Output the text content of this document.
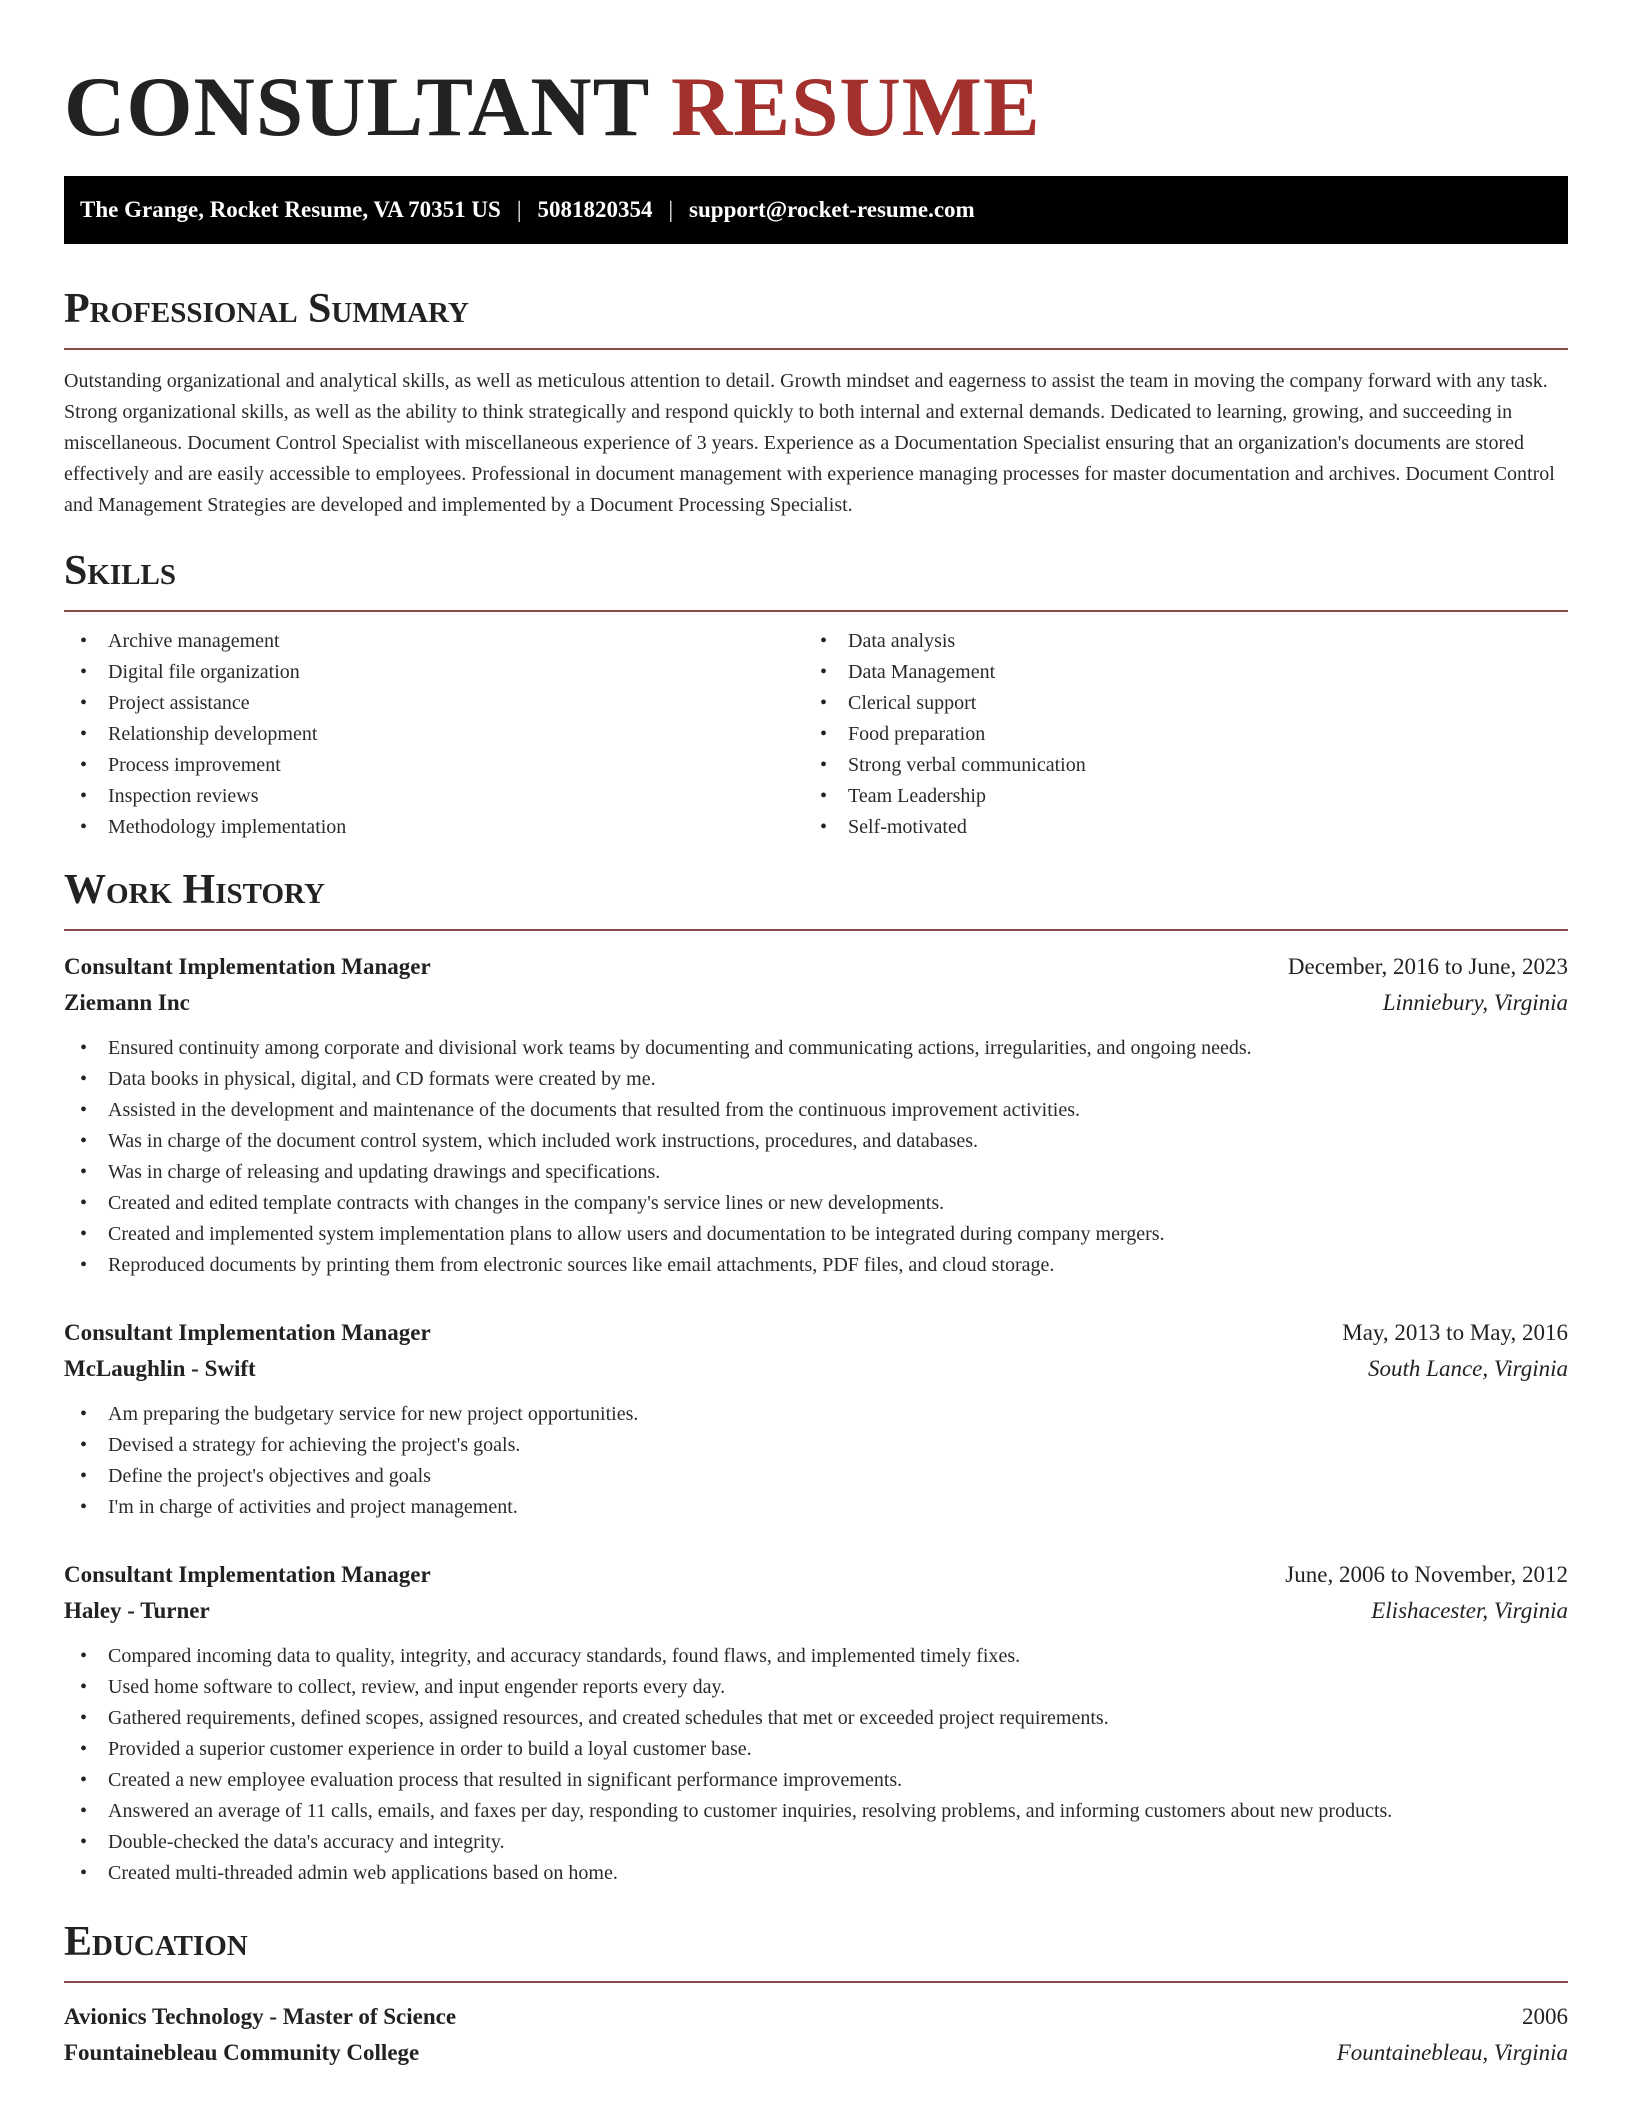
CONSULTANT RESUME
The Grange, Rocket Resume, VA 70351 US | 5081820354 | support@rocket-resume.com
Professional Summary

Outstanding organizational and analytical skills, as well as meticulous attention to detail. Growth mindset and eagerness to assist the team in moving the company forward with any task. Strong organizational skills, as well as the ability to think strategically and respond quickly to both internal and external demands. Dedicated to learning, growing, and succeeding in miscellaneous. Document Control Specialist with miscellaneous experience of 3 years. Experience as a Documentation Specialist ensuring that an organization's documents are stored effectively and are easily accessible to employees. Professional in document management with experience managing processes for master documentation and archives. Document Control and Management Strategies are developed and implemented by a Document Processing Specialist.

Skills
• Archive management
• Digital file organization
• Project assistance
• Relationship development
• Process improvement
• Inspection reviews
• Methodology implementation
• Data analysis
• Data Management
• Clerical support
• Food preparation
• Strong verbal communication
• Team Leadership
• Self-motivated
Work History
Consultant Implementation Manager	December, 2016 to June, 2023
Ziemann Inc	Linniebury, Virginia
• Ensured continuity among corporate and divisional work teams by documenting and communicating actions, irregularities, and ongoing needs.
• Data books in physical, digital, and CD formats were created by me.
• Assisted in the development and maintenance of the documents that resulted from the continuous improvement activities.
• Was in charge of the document control system, which included work instructions, procedures, and databases.
• Was in charge of releasing and updating drawings and specifications.
• Created and edited template contracts with changes in the company's service lines or new developments.
• Created and implemented system implementation plans to allow users and documentation to be integrated during company mergers.
• Reproduced documents by printing them from electronic sources like email attachments, PDF files, and cloud storage.
Consultant Implementation Manager	May, 2013 to May, 2016
McLaughlin - Swift	South Lance, Virginia
• Am preparing the budgetary service for new project opportunities.
• Devised a strategy for achieving the project's goals.
• Define the project's objectives and goals
• I'm in charge of activities and project management.
Consultant Implementation Manager	June, 2006 to November, 2012
Haley - Turner	Elishacester, Virginia
• Compared incoming data to quality, integrity, and accuracy standards, found flaws, and implemented timely fixes.
• Used home software to collect, review, and input engender reports every day.
• Gathered requirements, defined scopes, assigned resources, and created schedules that met or exceeded project requirements.
• Provided a superior customer experience in order to build a loyal customer base.
• Created a new employee evaluation process that resulted in significant performance improvements.
• Answered an average of 11 calls, emails, and faxes per day, responding to customer inquiries, resolving problems, and informing customers about new products.
• Double-checked the data's accuracy and integrity.
• Created multi-threaded admin web applications based on home.
Education
Avionics Technology - Master of Science	2006
Fountainebleau Community College	Fountainebleau, Virginia
